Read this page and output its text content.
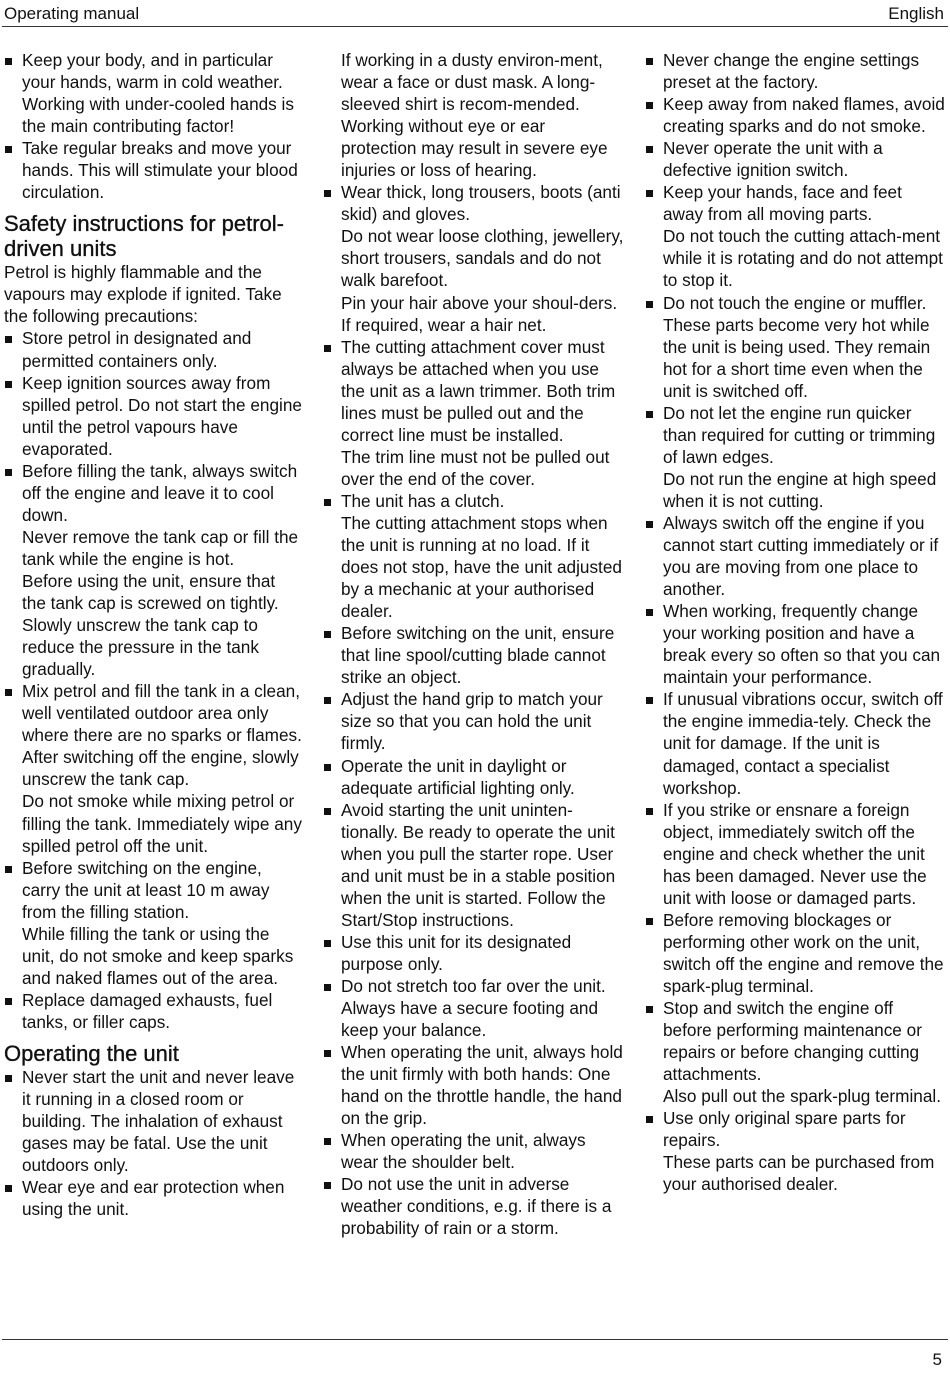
Operating manual	English
Keep your body, and in particular your hands, warm in cold weather. Working with under-cooled hands is the main contributing factor!
Take regular breaks and move your hands. This will stimulate your blood circulation.
Safety instructions for petrol-driven units
Petrol is highly flammable and the vapours may explode if ignited. Take the following precautions:
Store petrol in designated and permitted containers only.
Keep ignition sources away from spilled petrol. Do not start the engine until the petrol vapours have evaporated.
Before filling the tank, always switch off the engine and leave it to cool down.
Never remove the tank cap or fill the tank while the engine is hot.
Before using the unit, ensure that the tank cap is screwed on tightly. Slowly unscrew the tank cap to reduce the pressure in the tank gradually.
Mix petrol and fill the tank in a clean, well ventilated outdoor area only where there are no sparks or flames.
After switching off the engine, slowly unscrew the tank cap.
Do not smoke while mixing petrol or filling the tank. Immediately wipe any spilled petrol off the unit.
Before switching on the engine, carry the unit at least 10 m away from the filling station.
While filling the tank or using the unit, do not smoke and keep sparks and naked flames out of the area.
Replace damaged exhausts, fuel tanks, or filler caps.
Operating the unit
Never start the unit and never leave it running in a closed room or building. The inhalation of exhaust gases may be fatal. Use the unit outdoors only.
Wear eye and ear protection when using the unit.
If working in a dusty environ-ment, wear a face or dust mask. A long-sleeved shirt is recom-mended. Working without eye or ear protection may result in severe eye injuries or loss of hearing.
Wear thick, long trousers, boots (anti skid) and gloves.
Do not wear loose clothing, jewellery, short trousers, sandals and do not walk barefoot.
Pin your hair above your shoul-ders. If required, wear a hair net.
The cutting attachment cover must always be attached when you use the unit as a lawn trimmer. Both trim lines must be pulled out and the correct line must be installed.
The trim line must not be pulled out over the end of the cover.
The unit has a clutch.
The cutting attachment stops when the unit is running at no load. If it does not stop, have the unit adjusted by a mechanic at your authorised dealer.
Before switching on the unit, ensure that line spool/cutting blade cannot strike an object.
Adjust the hand grip to match your size so that you can hold the unit firmly.
Operate the unit in daylight or adequate artificial lighting only.
Avoid starting the unit uninten-tionally. Be ready to operate the unit when you pull the starter rope. User and unit must be in a stable position when the unit is started. Follow the Start/Stop instructions.
Use this unit for its designated purpose only.
Do not stretch too far over the unit. Always have a secure footing and keep your balance.
When operating the unit, always hold the unit firmly with both hands: One hand on the throttle handle, the hand on the grip.
When operating the unit, always wear the shoulder belt.
Do not use the unit in adverse weather conditions, e.g. if there is a probability of rain or a storm.
Never change the engine settings preset at the factory.
Keep away from naked flames, avoid creating sparks and do not smoke.
Never operate the unit with a defective ignition switch.
Keep your hands, face and feet away from all moving parts.
Do not touch the cutting attach-ment while it is rotating and do not attempt to stop it.
Do not touch the engine or muffler. These parts become very hot while the unit is being used. They remain hot for a short time even when the unit is switched off.
Do not let the engine run quicker than required for cutting or trimming of lawn edges.
Do not run the engine at high speed when it is not cutting.
Always switch off the engine if you cannot start cutting immediately or if you are moving from one place to another.
When working, frequently change your working position and have a break every so often so that you can maintain your performance.
If unusual vibrations occur, switch off the engine immedia-tely. Check the unit for damage. If the unit is damaged, contact a specialist workshop.
If you strike or ensnare a foreign object, immediately switch off the engine and check whether the unit has been damaged. Never use the unit with loose or damaged parts.
Before removing blockages or performing other work on the unit, switch off the engine and remove the spark-plug terminal.
Stop and switch the engine off before performing maintenance or repairs or before changing cutting attachments.
Also pull out the spark-plug terminal.
Use only original spare parts for repairs.
These parts can be purchased from your authorised dealer.
5
